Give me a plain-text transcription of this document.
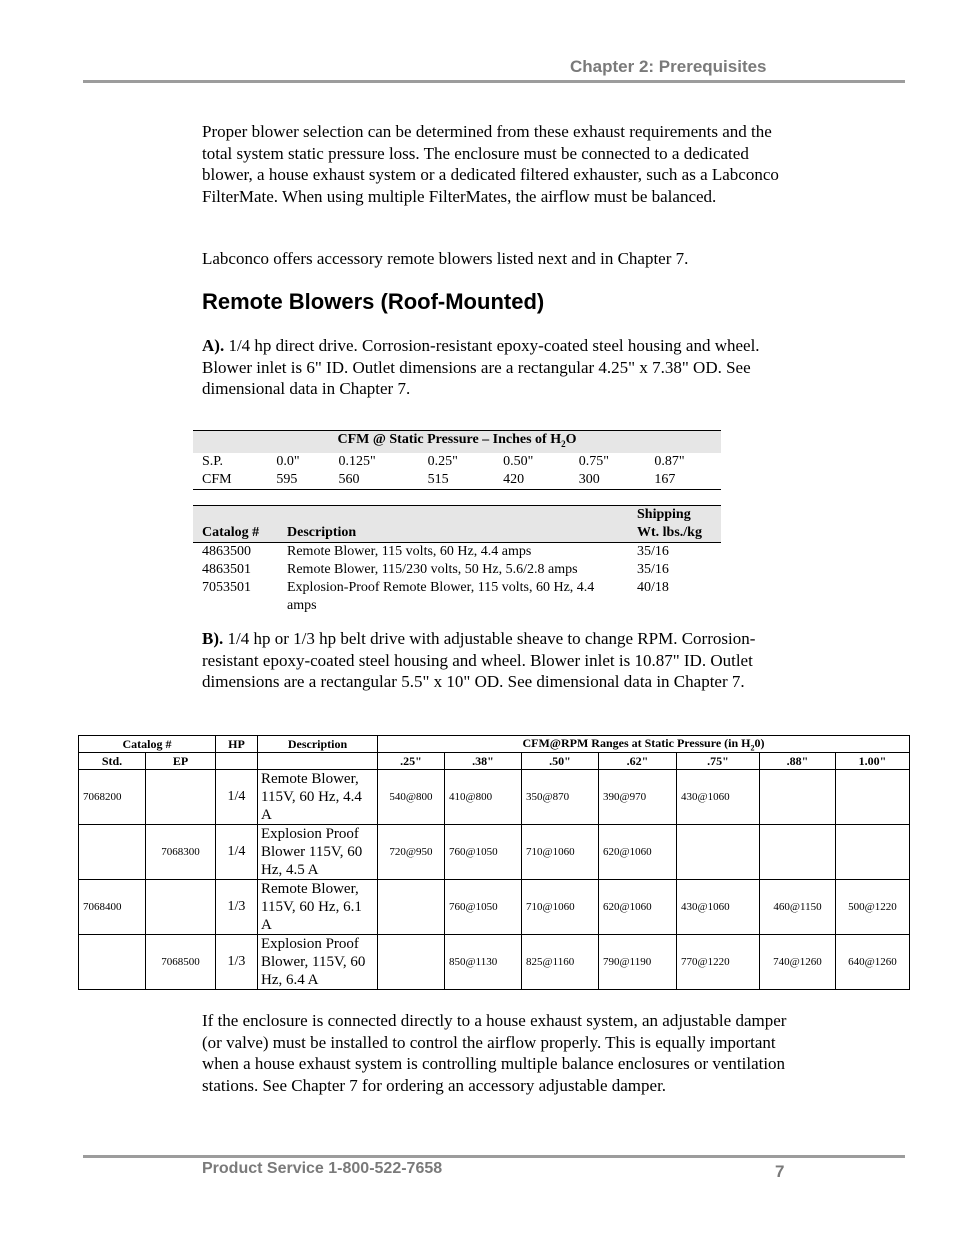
Chapter 2: Prerequisites

Proper blower selection can be determined from these exhaust requirements and the total system static pressure loss. The enclosure must be connected to a dedicated blower, a house exhaust system or a dedicated filtered exhauster, such as a Labconco FilterMate. When using multiple FilterMates, the airflow must be balanced.

Labconco offers accessory remote blowers listed next and in Chapter 7.

Remote Blowers (Roof-Mounted)

A). 1/4 hp direct drive. Corrosion-resistant epoxy-coated steel housing and wheel. Blower inlet is 6" ID. Outlet dimensions are a rectangular 4.25" x 7.38" OD. See dimensional data in Chapter 7.

CFM @ Static Pressure – Inches of $H_2O$						
S.P.	0.0"	0.125"	0.25"	0.50"	0.75"	0.87"
CFM	595	560	515	420	300	167
Catalog #	Description	Shipping
Wt. lbs./kg
4863500	Remote Blower, 115 volts, 60 Hz, 4.4 amps	35/16
4863501	Remote Blower, 115/230 volts, 50 Hz, 5.6/2.8 amps	35/16
7053501	Explosion-Proof Remote Blower, 115 volts, 60 Hz, 4.4 amps	40/18

B). 1/4 hp or 1/3 hp belt drive with adjustable sheave to change RPM. Corrosion-resistant epoxy-coated steel housing and wheel. Blower inlet is 10.87" ID. Outlet dimensions are a rectangular 5.5" x 10" OD. See dimensional data in Chapter 7.

Catalog #		HP	Description	CFM@RPM Ranges at Static Pressure (in $H_20$)						
Std.	EP			.25"	.38"	.50"	.62"	.75"	.88"	1.00"
7068200		1/4	Remote Blower, 115V, 60 Hz, 4.4 A	540@800	410@800	350@870	390@970	430@1060		
	7068300	1/4	Explosion Proof Blower 115V, 60 Hz, 4.5 A	720@950	760@1050	710@1060	620@1060			
7068400		1/3	Remote Blower, 115V, 60 Hz, 6.1 A		760@1050	710@1060	620@1060	430@1060	460@1150	500@1220
	7068500	1/3	Explosion Proof Blower, 115V, 60 Hz, 6.4 A		850@1130	825@1160	790@1190	770@1220	740@1260	640@1260

If the enclosure is connected directly to a house exhaust system, an adjustable damper (or valve) must be installed to control the airflow properly. This is equally important when a house exhaust system is controlling multiple balance enclosures or ventilation stations. See Chapter 7 for ordering an accessory adjustable damper.

Product Service 1-800-522-7658	7
